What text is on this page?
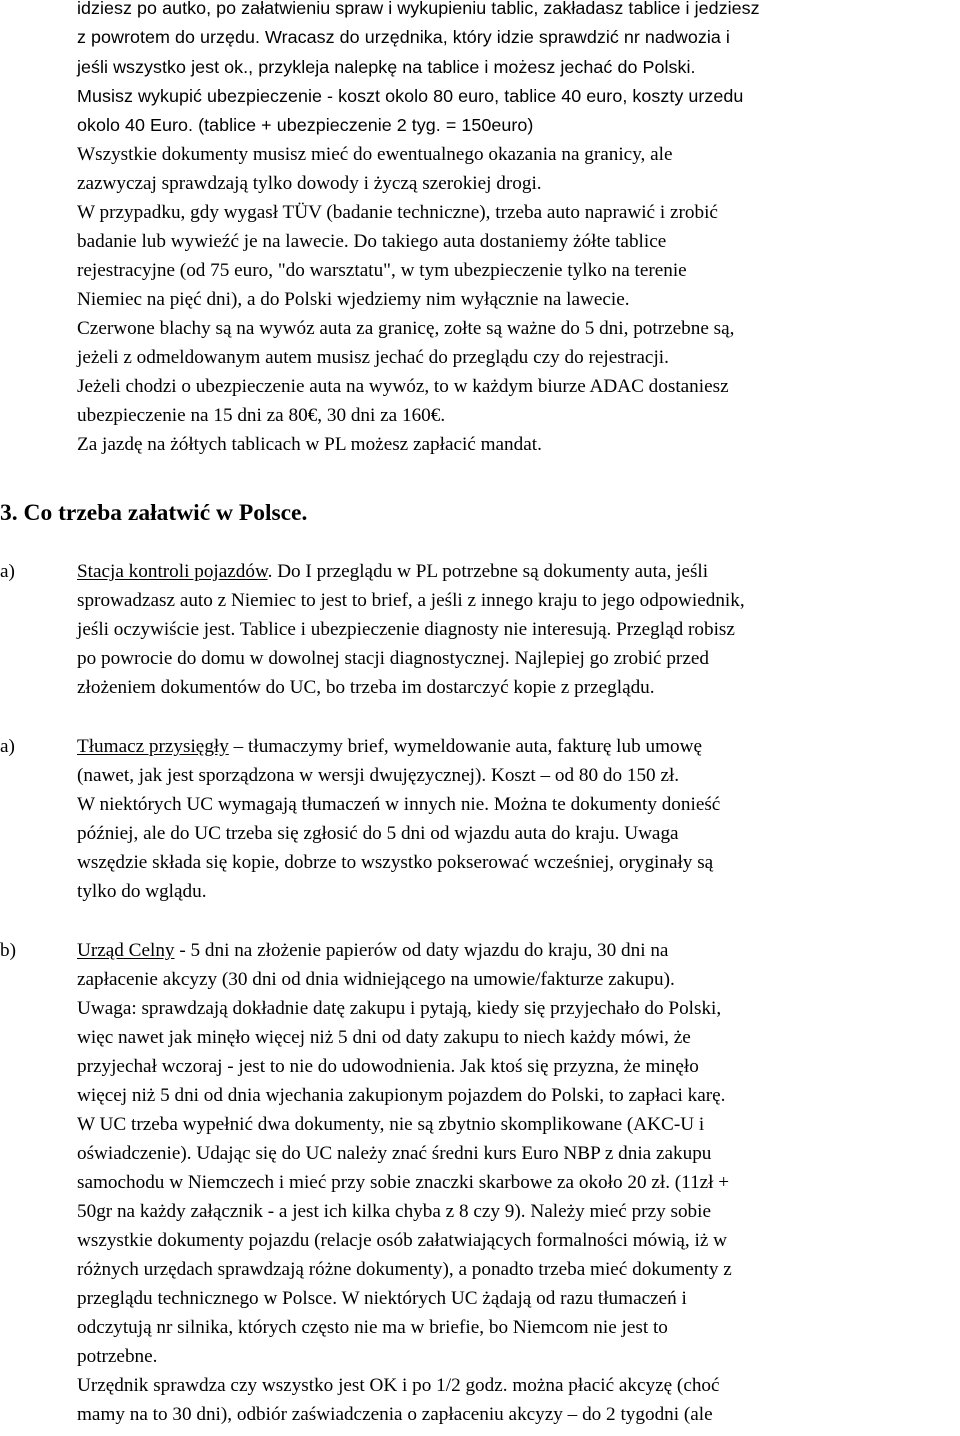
idziesz po autko, po załatwieniu spraw i wykupieniu tablic, zakładasz tablice i jedziesz
z powrotem do urzędu. Wracasz do urzędnika, który idzie sprawdzić nr nadwozia i
jeśli wszystko jest ok., przykleja nalepkę na tablice i możesz jechać do Polski.
Musisz wykupić ubezpieczenie - koszt okolo 80 euro, tablice 40 euro, koszty urzedu
okolo 40 Euro. (tablice + ubezpieczenie 2 tyg. = 150euro)
Wszystkie dokumenty musisz mieć do ewentualnego okazania na granicy, ale
zazwyczaj sprawdzają tylko dowody i życzą szerokiej drogi.
W przypadku, gdy wygasł TÜV (badanie techniczne), trzeba auto naprawić i zrobić
badanie lub wywieźć je na lawecie. Do takiego auta dostaniemy żółte tablice
rejestracyjne (od 75 euro, "do warsztatu", w tym ubezpieczenie tylko na terenie
Niemiec na pięć dni), a do Polski wjedziemy nim wyłącznie na lawecie.
Czerwone blachy są na wywóz auta za granicę, zołte są ważne do 5 dni, potrzebne są,
jeżeli z odmeldowanym autem musisz jechać do przeglądu czy do rejestracji.
Jeżeli chodzi o ubezpieczenie auta na wywóz, to w każdym biurze ADAC dostaniesz
ubezpieczenie na 15 dni za 80€, 30 dni za 160€.
Za jazdę na żółtych tablicach w PL możesz zapłacić mandat.
3. Co trzeba załatwić w Polsce.
a)	Stacja kontroli pojazdów. Do I przeglądu w PL potrzebne są dokumenty auta, jeśli
sprowadzasz auto z Niemiec to jest to brief, a jeśli z innego kraju to jego odpowiednik,
jeśli oczywiście jest. Tablice i ubezpieczenie diagnosty nie interesują. Przegląd robisz
po powrocie do domu w dowolnej stacji diagnostycznej. Najlepiej go zrobić przed
złożeniem dokumentów do UC, bo trzeba im dostarczyć kopie z przeglądu.
a)	Tłumacz przysięgły – tłumaczymy brief, wymeldowanie auta, fakturę lub umowę
(nawet, jak jest sporządzona w wersji dwujęzycznej). Koszt – od 80 do 150 zł.
W niektórych UC wymagają tłumaczeń w innych nie. Można te dokumenty donieść
później, ale do UC trzeba się zgłosić do 5 dni od wjazdu auta do kraju. Uwaga
wszędzie składa się kopie, dobrze to wszystko pokserować wcześniej, oryginały są
tylko do wglądu.
b)	Urząd Celny - 5 dni na złożenie papierów od daty wjazdu do kraju, 30 dni na
zapłacenie akcyzy (30 dni od dnia widniejącego na umowie/fakturze zakupu).
Uwaga: sprawdzają dokładnie datę zakupu i pytają, kiedy się przyjechało do Polski,
więc nawet jak minęło więcej niż 5 dni od daty zakupu to niech każdy mówi, że
przyjechał wczoraj - jest to nie do udowodnienia. Jak ktoś się przyzna, że minęło
więcej niż 5 dni od dnia wjechania zakupionym pojazdem do Polski, to zapłaci karę.
W UC trzeba wypełnić dwa dokumenty, nie są zbytnio skomplikowane (AKC-U i
oświadczenie). Udając się do UC należy znać średni kurs Euro NBP z dnia zakupu
samochodu w Niemczech i mieć przy sobie znaczki skarbowe za około 20 zł. (11zł +
50gr na każdy załącznik - a jest ich kilka chyba z 8 czy 9). Należy mieć przy sobie
wszystkie dokumenty pojazdu (relacje osób załatwiających formalności mówią, iż w
różnych urzędach sprawdzają różne dokumenty), a ponadto trzeba mieć dokumenty z
przeglądu technicznego w Polsce. W niektórych UC żądają od razu tłumaczeń i
odczytują nr silnika, których często nie ma w briefie, bo Niemcom nie jest to
potrzebne.
Urzędnik sprawdza czy wszystko jest OK i po 1/2 godz. można płacić akcyzę (choć
mamy na to 30 dni), odbiór zaświadczenia o zapłaceniu akcyzy – do 2 tygodni (ale
